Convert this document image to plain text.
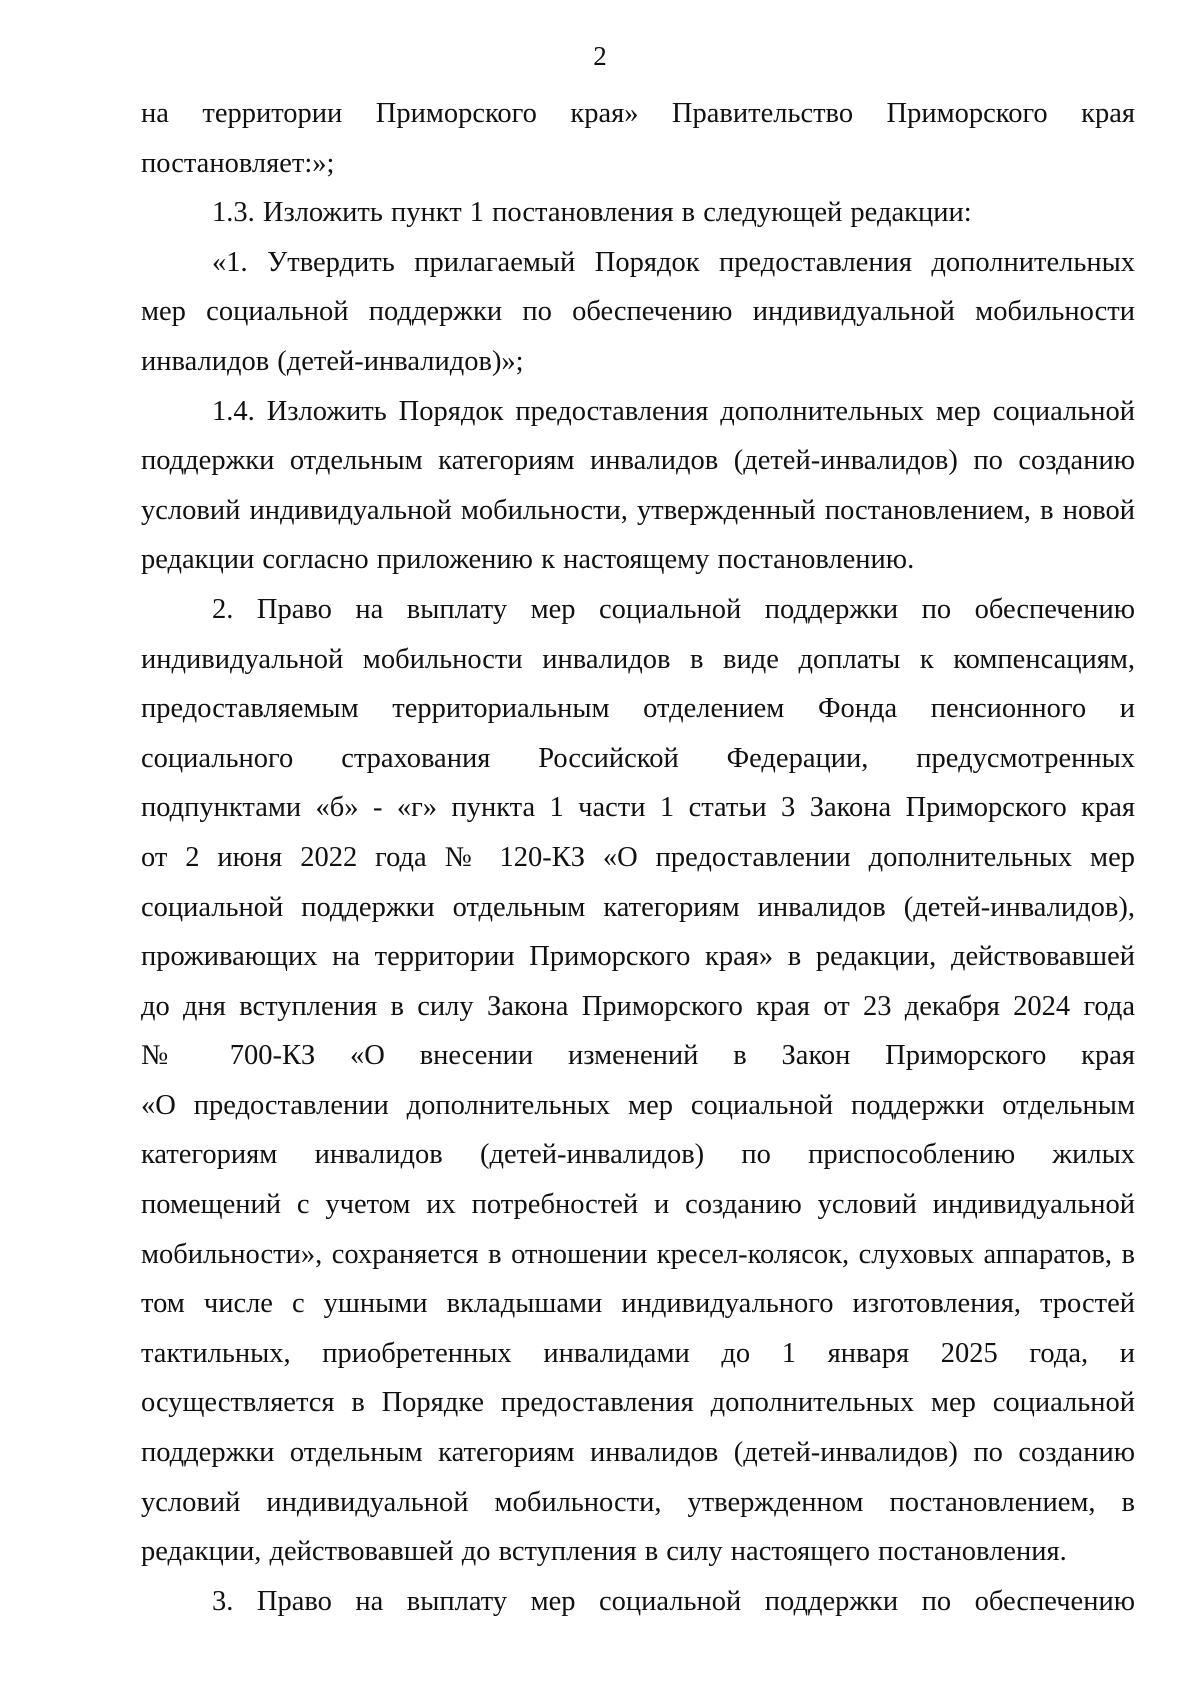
2
на территории Приморского края» Правительство Приморского края
постановляет:»;
1.3. Изложить пункт 1 постановления в следующей редакции:
«1. Утвердить прилагаемый Порядок предоставления дополнительных
мер социальной поддержки по обеспечению индивидуальной мобильности
инвалидов (детей-инвалидов)»;
1.4. Изложить Порядок предоставления дополнительных мер социальной
поддержки отдельным категориям инвалидов (детей-инвалидов) по созданию
условий индивидуальной мобильности, утвержденный постановлением, в новой
редакции согласно приложению к настоящему постановлению.
2. Право на выплату мер социальной поддержки по обеспечению
индивидуальной мобильности инвалидов в виде доплаты к компенсациям,
предоставляемым территориальным отделением Фонда пенсионного и
социального страхования Российской Федерации, предусмотренных
подпунктами «б» - «г» пункта 1 части 1 статьи 3 Закона Приморского края
от 2 июня 2022 года № 120-КЗ «О предоставлении дополнительных мер
социальной поддержки отдельным категориям инвалидов (детей-инвалидов),
проживающих на территории Приморского края» в редакции, действовавшей
до дня вступления в силу Закона Приморского края от 23 декабря 2024 года
№ 700-КЗ «О внесении изменений в Закон Приморского края
«О предоставлении дополнительных мер социальной поддержки отдельным
категориям инвалидов (детей-инвалидов) по приспособлению жилых
помещений с учетом их потребностей и созданию условий индивидуальной
мобильности», сохраняется в отношении кресел-колясок, слуховых аппаратов, в
том числе с ушными вкладышами индивидуального изготовления, тростей
тактильных, приобретенных инвалидами до 1 января 2025 года, и
осуществляется в Порядке предоставления дополнительных мер социальной
поддержки отдельным категориям инвалидов (детей-инвалидов) по созданию
условий индивидуальной мобильности, утвержденном постановлением, в
редакции, действовавшей до вступления в силу настоящего постановления.
3. Право на выплату мер социальной поддержки по обеспечению
